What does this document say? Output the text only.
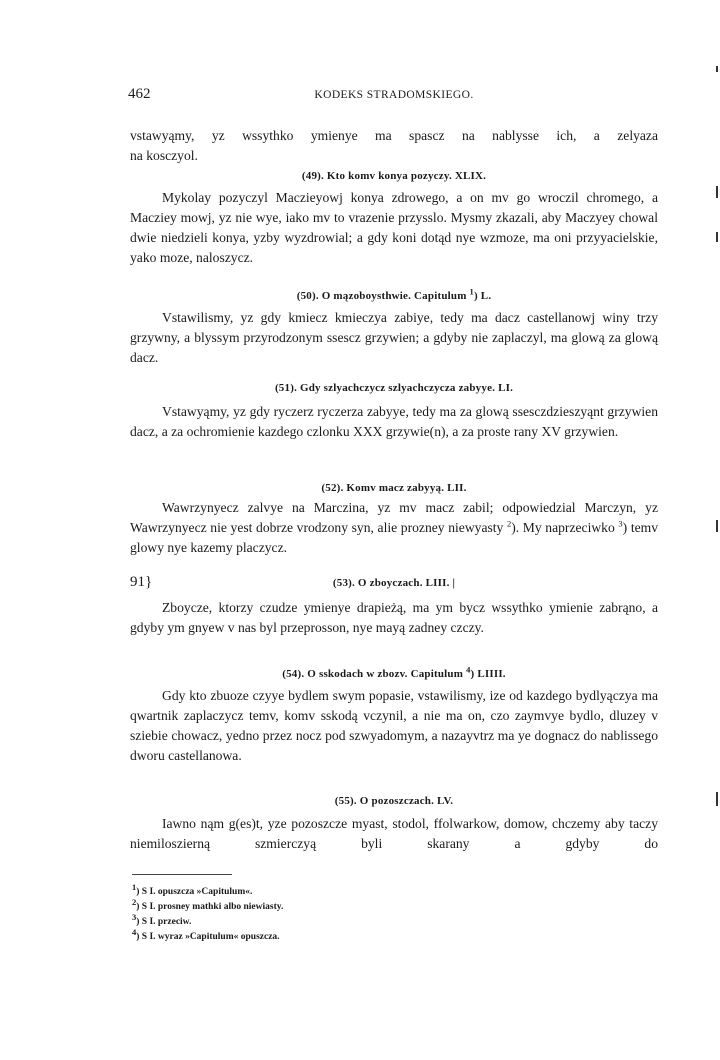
462	KODEKS STRADOMSKIEGO.
vstawyąmy, yz wssythko ymienye ma spascz na nablysse ich, a zelyaza
na kosczyol.
(49). Kto komv konya pozyczy. XLIX.

Mykolay pozyczyl Maczieyowj konya zdrowego, a on mv go wroczil chromego, a Macziey mowj, yz nie wye, iako mv to vrazenie przysslo. Mysmy zkazali, aby Maczyey chowal dwie niedzieli konya, yzby wyzdrowial; a gdy koni dotąd nye wzmoze, ma oni przyyacielskie, yako moze, naloszycz.

(50). O mązoboysthwie. Capitulum $^1$) L.

Vstawilismy, yz gdy kmiecz kmieczya zabiye, tedy ma dacz castellanowj winy trzy grzywny, a blyssym przyrodzonym ssescz grzywien; a gdyby nie zaplaczyl, ma glową za glową dacz.

(51). Gdy szlyachczycz szlyachczycza zabyye. LI.

Vstawyąmy, yz gdy ryczerz ryczerza zabyye, tedy ma za glową ssesczdzieszyąnt grzywien dacz, a za ochromienie kazdego czlonku XXX grzywie(n), a za proste rany XV grzywien.

(52). Komv macz zabyyą. LII.

Wawrzynyecz zalvye na Marczina, yz mv macz zabil; odpowiedzial Marczyn, yz Wawrzynyecz nie yest dobrze vrodzony syn, alie prozney niewyasty $^2$). My naprzeciwko $^3$) temv glowy nye kazemy placzycz.

91}	(53). O zboyczach. LIII. |

Zboycze, ktorzy czudze ymienye drapieżą, ma ym bycz wssythko ymienie zabrąno, a gdyby ym gnyew v nas byl przeprosson, nye mayą zadney czczy.

(54). O sskodach w zbozv. Capitulum $^4$) LIIII.

Gdy kto zbuoze czyye bydlem swym popasie, vstawilismy, ize od kazdego bydlyączya ma qwartnik zaplaczycz temv, komv sskodą vczynil, a nie ma on, czo zaymvye bydlo, dluzey v sziebie chowacz, yedno przez nocz pod szwyadomym, a nazayvtrz ma ye dognacz do nablissego dworu castellanowa.

(55). O pozoszczach. LV.

Iawno nąm g(es)t, yze pozoszcze myast, stodol, ffolwarkow, domow, chczemy aby taczy niemiloszierną szmierczyą byli skarany a gdyby do

$^1$) S I. opuszcza »Capitulum«.
$^2$) S I. prosney mathki albo niewiasty.
$^3$) S I. przeciw.
$^4$) S I. wyraz »Capitulum« opuszcza.
